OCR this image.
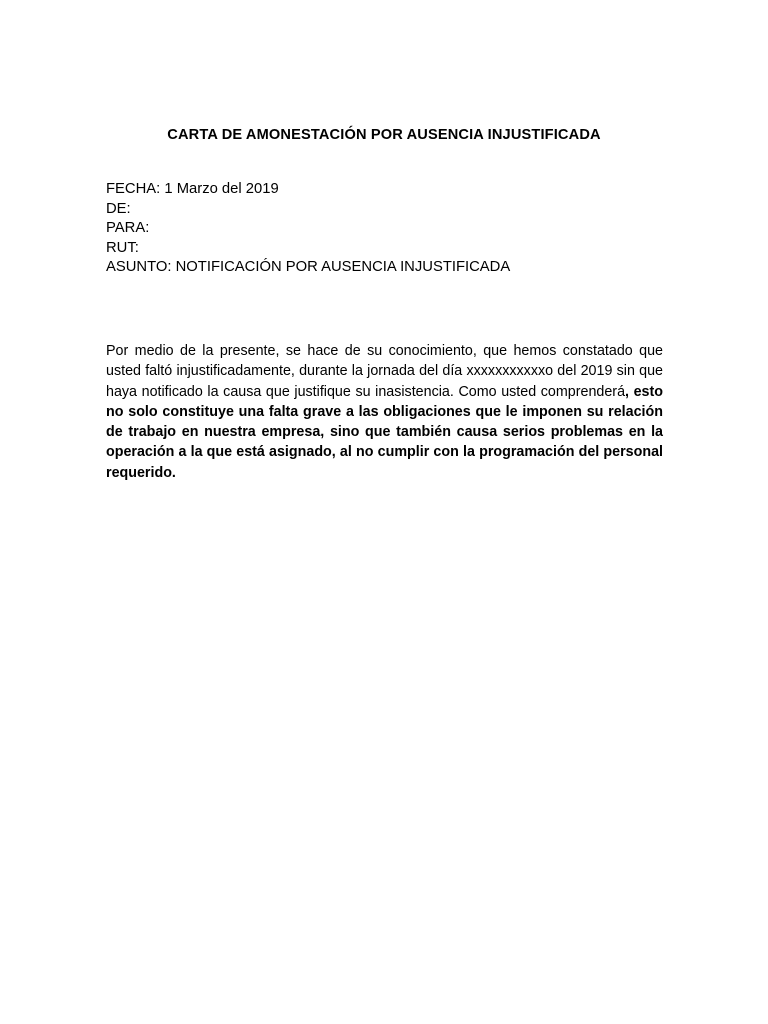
CARTA DE AMONESTACIÓN POR AUSENCIA INJUSTIFICADA
FECHA: 1 Marzo del 2019
DE:
PARA:
RUT:
ASUNTO: NOTIFICACIÓN POR AUSENCIA INJUSTIFICADA

Por medio de la presente, se hace de su conocimiento, que hemos constatado que usted faltó injustificadamente, durante la jornada del día xxxxxxxxxxxo del 2019 sin que haya notificado la causa que justifique su inasistencia. Como usted comprenderá, esto no solo constituye una falta grave a las obligaciones que le imponen su relación de trabajo en nuestra empresa, sino que también causa serios problemas en la operación a la que está asignado, al no cumplir con la programación del personal requerido.
